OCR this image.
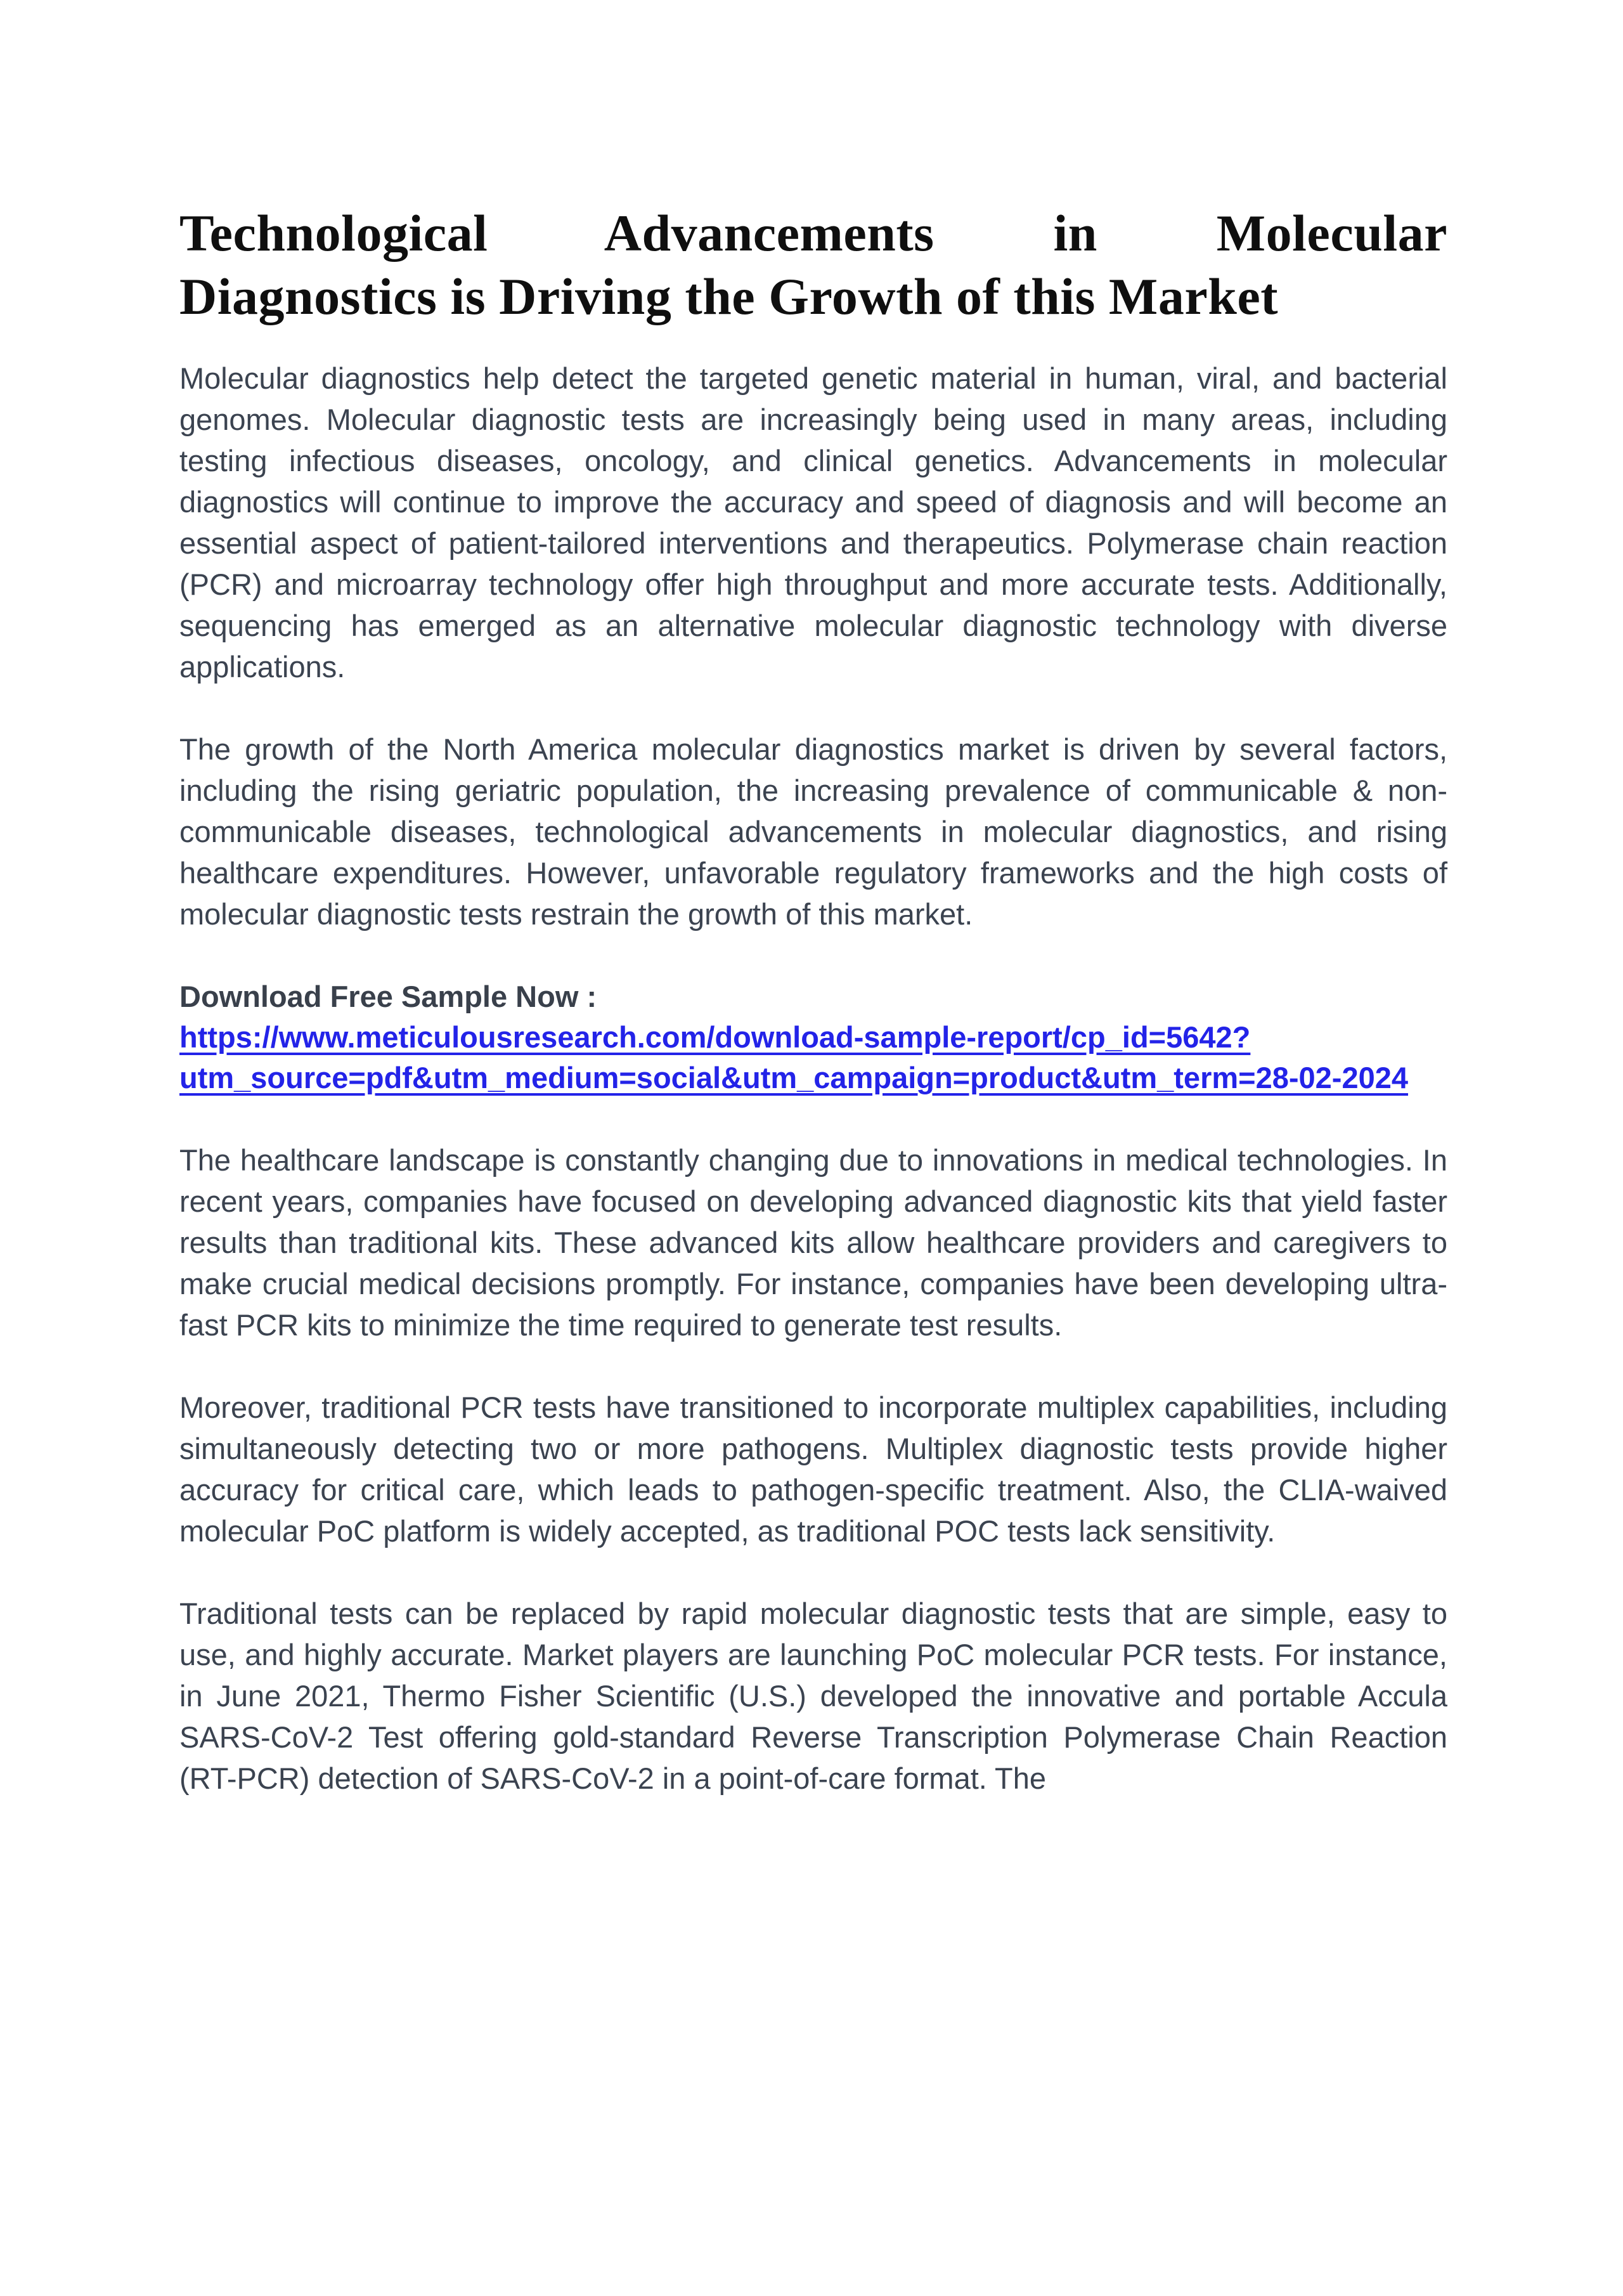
Technological Advancements in Molecular
Diagnostics is Driving the Growth of this Market

Molecular diagnostics help detect the targeted genetic material in human, viral, and bacterial genomes. Molecular diagnostic tests are increasingly being used in many areas, including testing infectious diseases, oncology, and clinical genetics. Advancements in molecular diagnostics will continue to improve the accuracy and speed of diagnosis and will become an essential aspect of patient-tailored interventions and therapeutics. Polymerase chain reaction (PCR) and microarray technology offer high throughput and more accurate tests. Additionally, sequencing has emerged as an alternative molecular diagnostic technology with diverse applications.

The growth of the North America molecular diagnostics market is driven by several factors, including the rising geriatric population, the increasing prevalence of communicable & non-communicable diseases, technological advancements in molecular diagnostics, and rising healthcare expenditures. However, unfavorable regulatory frameworks and the high costs of molecular diagnostic tests restrain the growth of this market.

Download Free Sample Now :

https://www.meticulousresearch.com/download-sample-report/cp_id=5642?utm_source=pdf&utm_medium=social&utm_campaign=product&utm_term=28-02-2024

The healthcare landscape is constantly changing due to innovations in medical technologies. In recent years, companies have focused on developing advanced diagnostic kits that yield faster results than traditional kits. These advanced kits allow healthcare providers and caregivers to make crucial medical decisions promptly. For instance, companies have been developing ultra-fast PCR kits to minimize the time required to generate test results.

Moreover, traditional PCR tests have transitioned to incorporate multiplex capabilities, including simultaneously detecting two or more pathogens. Multiplex diagnostic tests provide higher accuracy for critical care, which leads to pathogen-specific treatment. Also, the CLIA-waived molecular PoC platform is widely accepted, as traditional POC tests lack sensitivity.

Traditional tests can be replaced by rapid molecular diagnostic tests that are simple, easy to use, and highly accurate. Market players are launching PoC molecular PCR tests. For instance, in June 2021, Thermo Fisher Scientific (U.S.) developed the innovative and portable Accula SARS-CoV-2 Test offering gold-standard Reverse Transcription Polymerase Chain Reaction (RT-PCR) detection of SARS-CoV-2 in a point-of-care format. The
